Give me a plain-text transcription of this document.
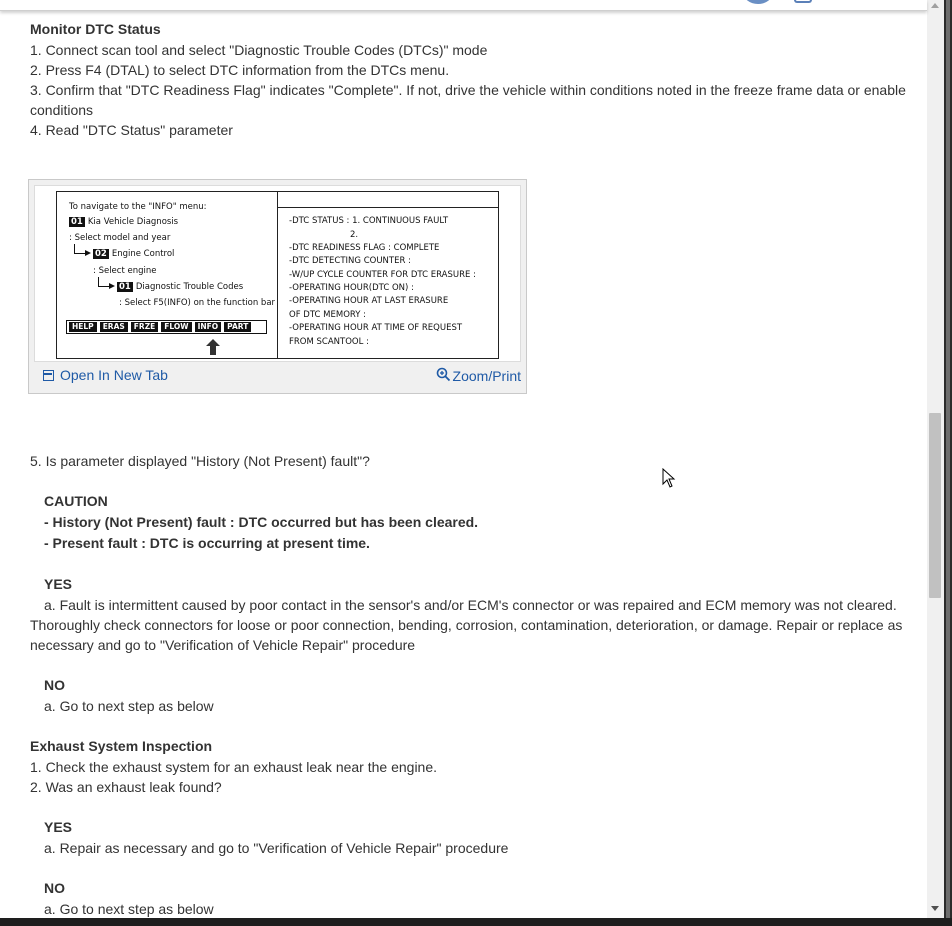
Monitor DTC Status
1. Connect scan tool and select "Diagnostic Trouble Codes (DTCs)" mode
2. Press F4 (DTAL) to select DTC information from the DTCs menu.
3. Confirm that "DTC Readiness Flag" indicates "Complete". If not, drive the vehicle within conditions noted in the freeze frame data or enable conditions
4. Read "DTC Status" parameter
5. Is parameter displayed "History (Not Present) fault"?
CAUTION
- History (Not Present) fault : DTC occurred but has been cleared.
- Present fault : DTC is occurring at present time.
YES
a. Fault is intermittent caused by poor contact in the sensor's and/or ECM's connector or was repaired and ECM memory was not cleared. Thoroughly check connectors for loose or poor connection, bending, corrosion, contamination, deterioration, or damage. Repair or replace as necessary and go to "Verification of Vehicle Repair" procedure
NO
a. Go to next step as below
Exhaust System Inspection
1. Check the exhaust system for an exhaust leak near the engine.
2. Was an exhaust leak found?
YES
a. Repair as necessary and go to "Verification of Vehicle Repair" procedure
NO
a. Go to next step as below
To navigate to the "INFO" menu:
01 Kia Vehicle Diagnosis
: Select model and year
02 Engine Control
: Select engine
01 Diagnostic Trouble Codes
: Select F5(INFO) on the function bar
HELP	ERAS	FRZE	FLOW	INFO	PART
-DTC STATUS : 1. CONTINUOUS FAULT
2.
-DTC READINESS FLAG : COMPLETE
-DTC DETECTING COUNTER :
-W/UP CYCLE COUNTER FOR DTC ERASURE :
-OPERATING HOUR(DTC ON) :
-OPERATING HOUR AT LAST ERASURE
OF DTC MEMORY :
-OPERATING HOUR AT TIME OF REQUEST
FROM SCANTOOL :
Open In New Tab	Zoom/Print
